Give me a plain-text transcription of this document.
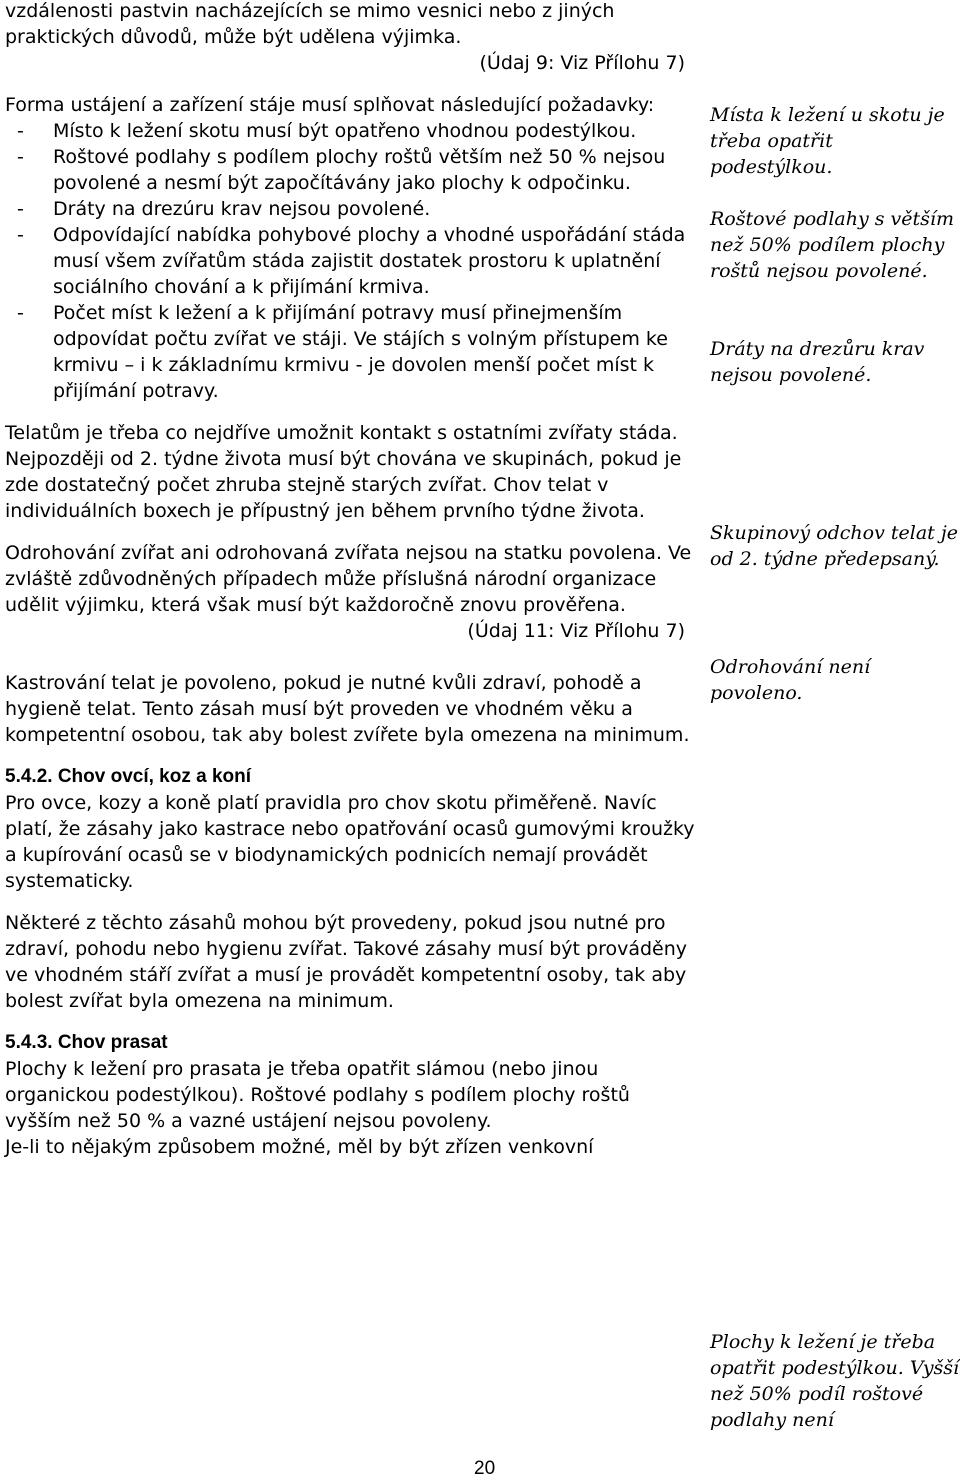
vzdálenosti pastvin nacházejících se mimo vesnici nebo z jiných praktických důvodů, může být udělena výjimka.

(Údaj 9: Viz Přílohu 7)

Forma ustájení a zařízení stáje musí splňovat následující požadavky:

- Místo k ležení skotu musí být opatřeno vhodnou podestýlkou.

- Roštové podlahy s podílem plochy roštů větším než 50 % nejsou povolené a nesmí být započítávány jako plochy k odpočinku.

- Dráty na drezúru krav nejsou povolené.

- Odpovídající nabídka pohybové plochy a vhodné uspořádání stáda musí všem zvířatům stáda zajistit dostatek prostoru k uplatnění sociálního chování a k přijímání krmiva.

- Počet míst k ležení a k přijímání potravy musí přinejmenším odpovídat počtu zvířat ve stáji. Ve stájích s volným přístupem ke krmivu – i k základnímu krmivu - je dovolen menší počet míst k přijímání potravy.

Telatům je třeba co nejdříve umožnit kontakt s ostatními zvířaty stáda. Nejpozději od 2. týdne života musí být chována ve skupinách, pokud je zde dostatečný počet zhruba stejně starých zvířat. Chov telat v individuálních boxech je přípustný jen během prvního týdne života.

Odrohování zvířat ani odrohovaná zvířata nejsou na statku povolena. Ve zvláště zdůvodněných případech může příslušná národní organizace udělit výjimku, která však musí být každoročně znovu prověřena.

(Údaj 11: Viz Přílohu 7)

Kastrování telat je povoleno, pokud je nutné kvůli zdraví, pohodě a hygieně telat. Tento zásah musí být proveden ve vhodném věku a kompetentní osobou, tak aby bolest zvířete byla omezena na minimum.

5.4.2. Chov ovcí, koz a koní

Pro ovce, kozy a koně platí pravidla pro chov skotu přiměřeně. Navíc platí, že zásahy jako kastrace nebo opatřování ocasů gumovými kroužky a kupírování ocasů se v biodynamických podnicích nemají provádět systematicky.

Některé z těchto zásahů mohou být provedeny, pokud jsou nutné pro zdraví, pohodu nebo hygienu zvířat. Takové zásahy musí být prováděny ve vhodném stáří zvířat a musí je provádět kompetentní osoby, tak aby bolest zvířat byla omezena na minimum.

5.4.3. Chov prasat

Plochy k ležení pro prasata je třeba opatřit slámou (nebo jinou organickou podestýlkou). Roštové podlahy s podílem plochy roštů vyšším než 50 % a vazné ustájení nejsou povoleny.

Je-li to nějakým způsobem možné, měl by být zřízen venkovní

Místa k ležení u skotu je třeba opatřit podestýlkou.

Roštové podlahy s větším než 50% podílem plochy roštů nejsou povolené.

Dráty na drezůru krav nejsou povolené.

Skupinový odchov telat je od 2. týdne předepsaný.

Odrohování není povoleno.

Plochy k ležení je třeba opatřit podestýlkou. Vyšší než 50% podíl roštové podlahy není

20
